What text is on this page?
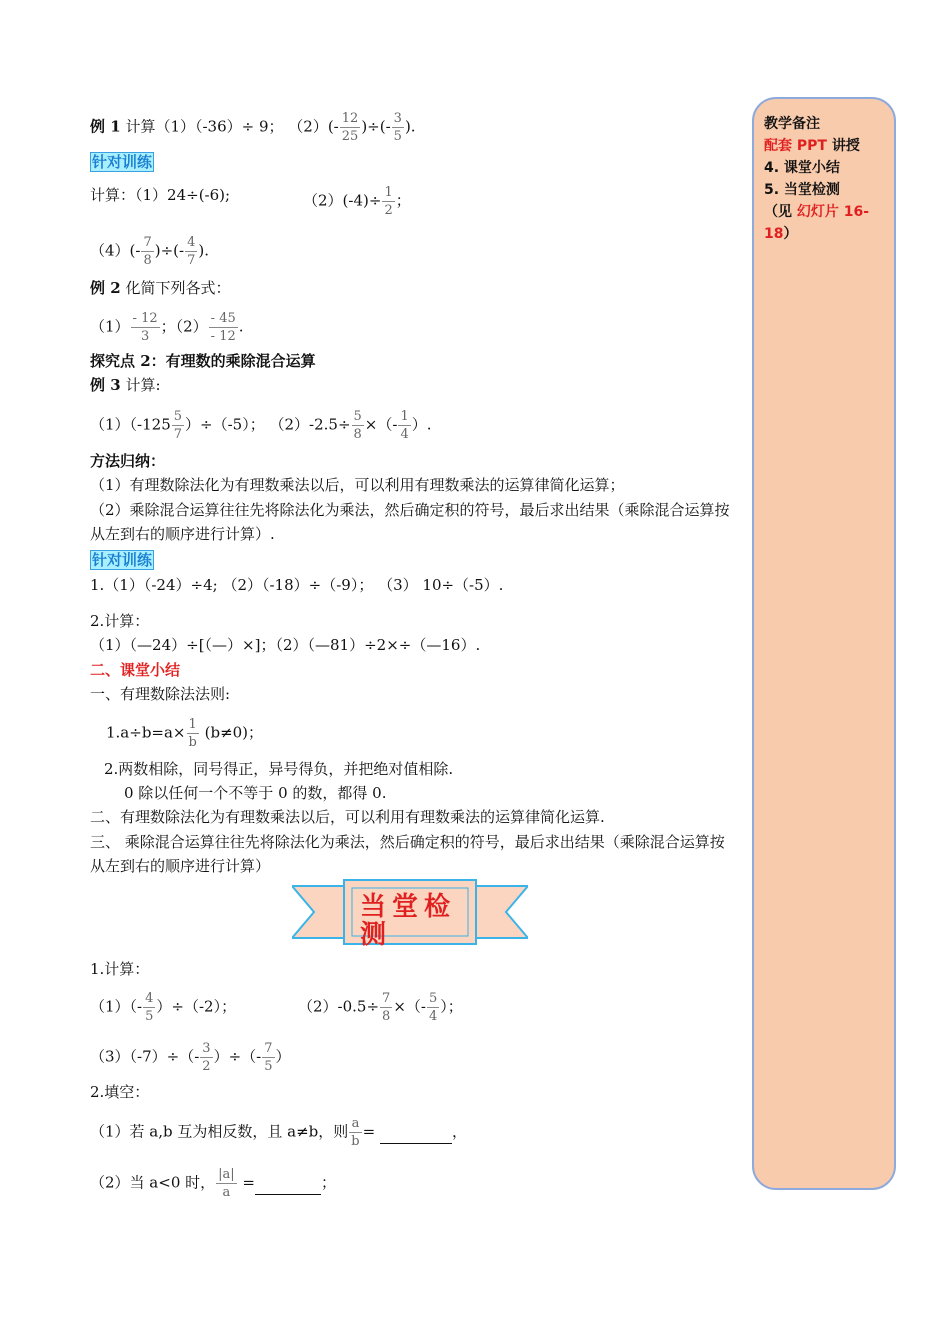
例 1 计算（1）（-36）÷ 9； $(2)(- \frac{12}{25}$ )÷(- $\frac{3}{5}$ ).
针对训练
计算：（1）24÷(-6);	$(2)(-4)\div \frac{1}{2}$ ；
$(4)(- \frac{7}{8}$ )÷(- $\frac{4}{7}$ ).
例 2 化简下列各式：
$(1) \frac{- 12}{3}$ ；$(2) \frac{- 45}{- 12}$ .
探究点 2：有理数的乘除混合运算
例 3 计算:
$(1)(-125 \frac{5}{7} )\div(-5)$； $(2)-2.5\div \frac{5}{8}$ ×（- $\frac{1}{4}$ ）.
方法归纳：
（1）有理数除法化为有理数乘法以后，可以利用有理数乘法的运算律简化运算；
（2）乘除混合运算往往先将除法化为乘法，然后确定积的符号，最后求出结果（乘除混合运算按从左到右的顺序进行计算）.
针对训练
1.（1）（-24）÷4; （2）（-18）÷（-9）； （3） 10÷（-5）.
2.计算：
（1）（—24）÷[（—）×]；（2）（—81）÷2×÷（—16）.
二、课堂小结
一、有理数除法法则:
$1.a\div b=a\times \frac{1}{b} (b\ne 0)$；
2.两数相除，同号得正，异号得负，并把绝对值相除.
0 除以任何一个不等于 0 的数，都得 0.
二、有理数除法化为有理数乘法以后，可以利用有理数乘法的运算律简化运算.
三、 乘除混合运算往往先将除法化为乘法，然后确定积的符号，最后求出结果（乘除混合运算按从左到右的顺序进行计算）
当堂检测
1.计算：
$(1)(- \frac{4}{5} )\div(-2)$；	$(2)-0.5\div \frac{7}{8}$ ×（- $\frac{5}{4}$ ）；
$(3)(-7)\div(- \frac{3}{2}$ ）÷（- $\frac{7}{5}$ ）
2.填空：
（1）若 a,b 互为相反数，且 a≠b，则 $\frac{a}{b}$ =	，
（2）当 a<0 时， $\frac{|a|}{a}$ =	；
教学备注
配套 PPT 讲授
4. 课堂小结
5. 当堂检测
（见 幻灯片 16-18）
